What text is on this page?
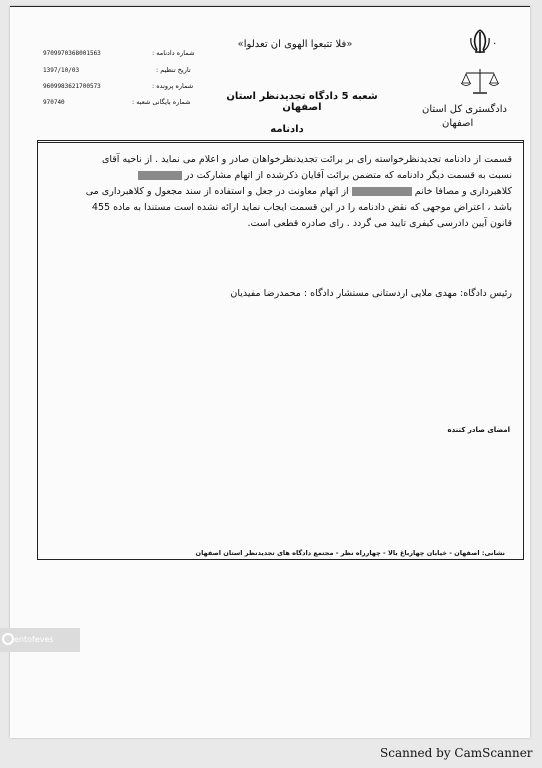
٠
«فلا تتبعوا الهوی ان تعدلوا»
دادگستری کل استان
اصفهان
شعبه 5 دادگاه تجدیدنظر استان اصفهان
دادنامه
شماره دادنامه :
9709970368001563
تاریخ تنظیم :
1397/10/03
شماره پرونده :
9609983621700573
شماره بایگانی شعبه :
970740
قسمت از دادنامه تجدیدنظرخواسته رای بر برائت تجدیدنظرخواهان صادر و اعلام می نماید . از ناحیه آقای
نسبت به قسمت دیگر دادنامه که متضمن برائت آقایان ذکرشده از اتهام مشارکت در
کلاهبرداری و مصافا خانم  از اتهام معاونت در جعل و استفاده از سند مجعول و کلاهبرداری می
باشد ، اعتراض موجهی که نقض دادنامه را در این قسمت ایجاب نماید ارائه نشده است مستندا به ماده 455
قانون آیین دادرسی کیفری تایید می گردد . رای صادره قطعی است.
رئیس دادگاه: مهدی ملایی اردستانی مستشار دادگاه : محمدرضا مفیدیان
امضای صادر کننده
نشانی: اصفهان - خیابان چهارباغ بالا - چهارراه نظر - مجتمع دادگاه های تجدیدنظر استان اصفهان
entofeves
Scanned by CamScanner
